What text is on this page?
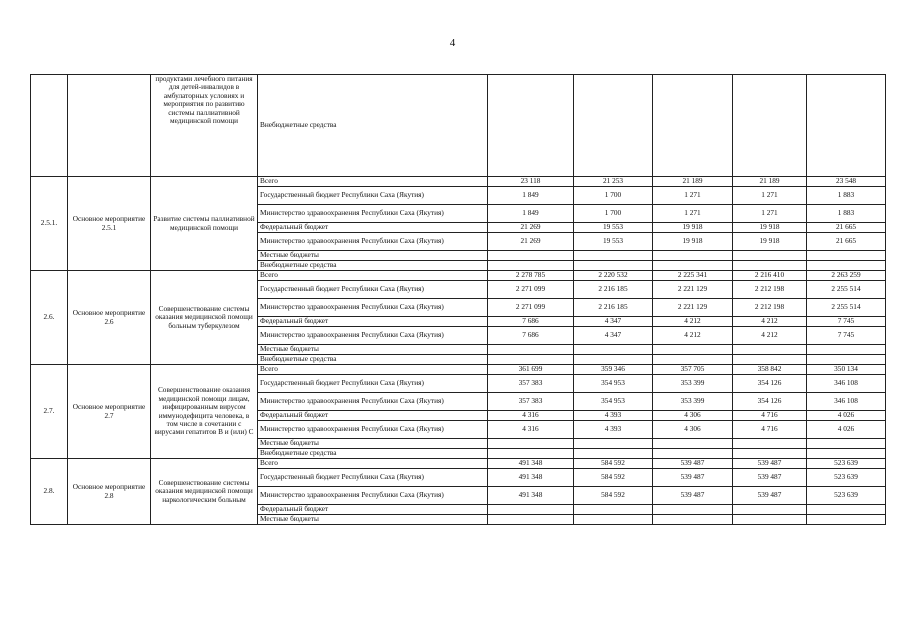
4
		продуктами лечебного питания для детей-инвалидов в амбулаторных условиях и мероприятия по развитию системы паллиативной медицинской помощи	Внебюджетные средства					
2.5.1.	Основное мероприятие 2.5.1	Развитие системы паллиативной медицинской помощи	Всего	23 118	21 253	21 189	21 189	23 548
			Государственный бюджет Республики Саха (Якутия)	1 849	1 700	1 271	1 271	1 883
			Министерство здравоохранения Республики Саха (Якутия)	1 849	1 700	1 271	1 271	1 883
			Федеральный бюджет	21 269	19 553	19 918	19 918	21 665
			Министерство здравоохранения Республики Саха (Якутия)	21 269	19 553	19 918	19 918	21 665
			Местные бюджеты					
			Внебюджетные средства					
2.6.	Основное мероприятие 2.6	Совершенствование системы оказания медицинской помощи больным туберкулезом	Всего	2 278 785	2 220 532	2 225 341	2 216 410	2 263 259
			Государственный бюджет Республики Саха (Якутия)	2 271 099	2 216 185	2 221 129	2 212 198	2 255 514
			Министерство здравоохранения Республики Саха (Якутия)	2 271 099	2 216 185	2 221 129	2 212 198	2 255 514
			Федеральный бюджет	7 686	4 347	4 212	4 212	7 745
			Министерство здравоохранения Республики Саха (Якутия)	7 686	4 347	4 212	4 212	7 745
			Местные бюджеты					
			Внебюджетные средства					
2.7.	Основное мероприятие 2.7	Совершенствование оказания медицинской помощи лицам, инфицированным вирусом иммунодефицита человека, в том числе в сочетании с вирусами гепатитов B и (или) C	Всего	361 699	359 346	357 705	358 842	350 134
			Государственный бюджет Республики Саха (Якутия)	357 383	354 953	353 399	354 126	346 108
			Министерство здравоохранения Республики Саха (Якутия)	357 383	354 953	353 399	354 126	346 108
			Федеральный бюджет	4 316	4 393	4 306	4 716	4 026
			Министерство здравоохранения Республики Саха (Якутия)	4 316	4 393	4 306	4 716	4 026
			Местные бюджеты					
			Внебюджетные средства					
2.8.	Основное мероприятие 2.8	Совершенствование системы оказания медицинской помощи наркологическим больным	Всего	491 348	584 592	539 487	539 487	523 639
			Государственный бюджет Республики Саха (Якутия)	491 348	584 592	539 487	539 487	523 639
			Министерство здравоохранения Республики Саха (Якутия)	491 348	584 592	539 487	539 487	523 639
			Федеральный бюджет					
			Местные бюджеты					
